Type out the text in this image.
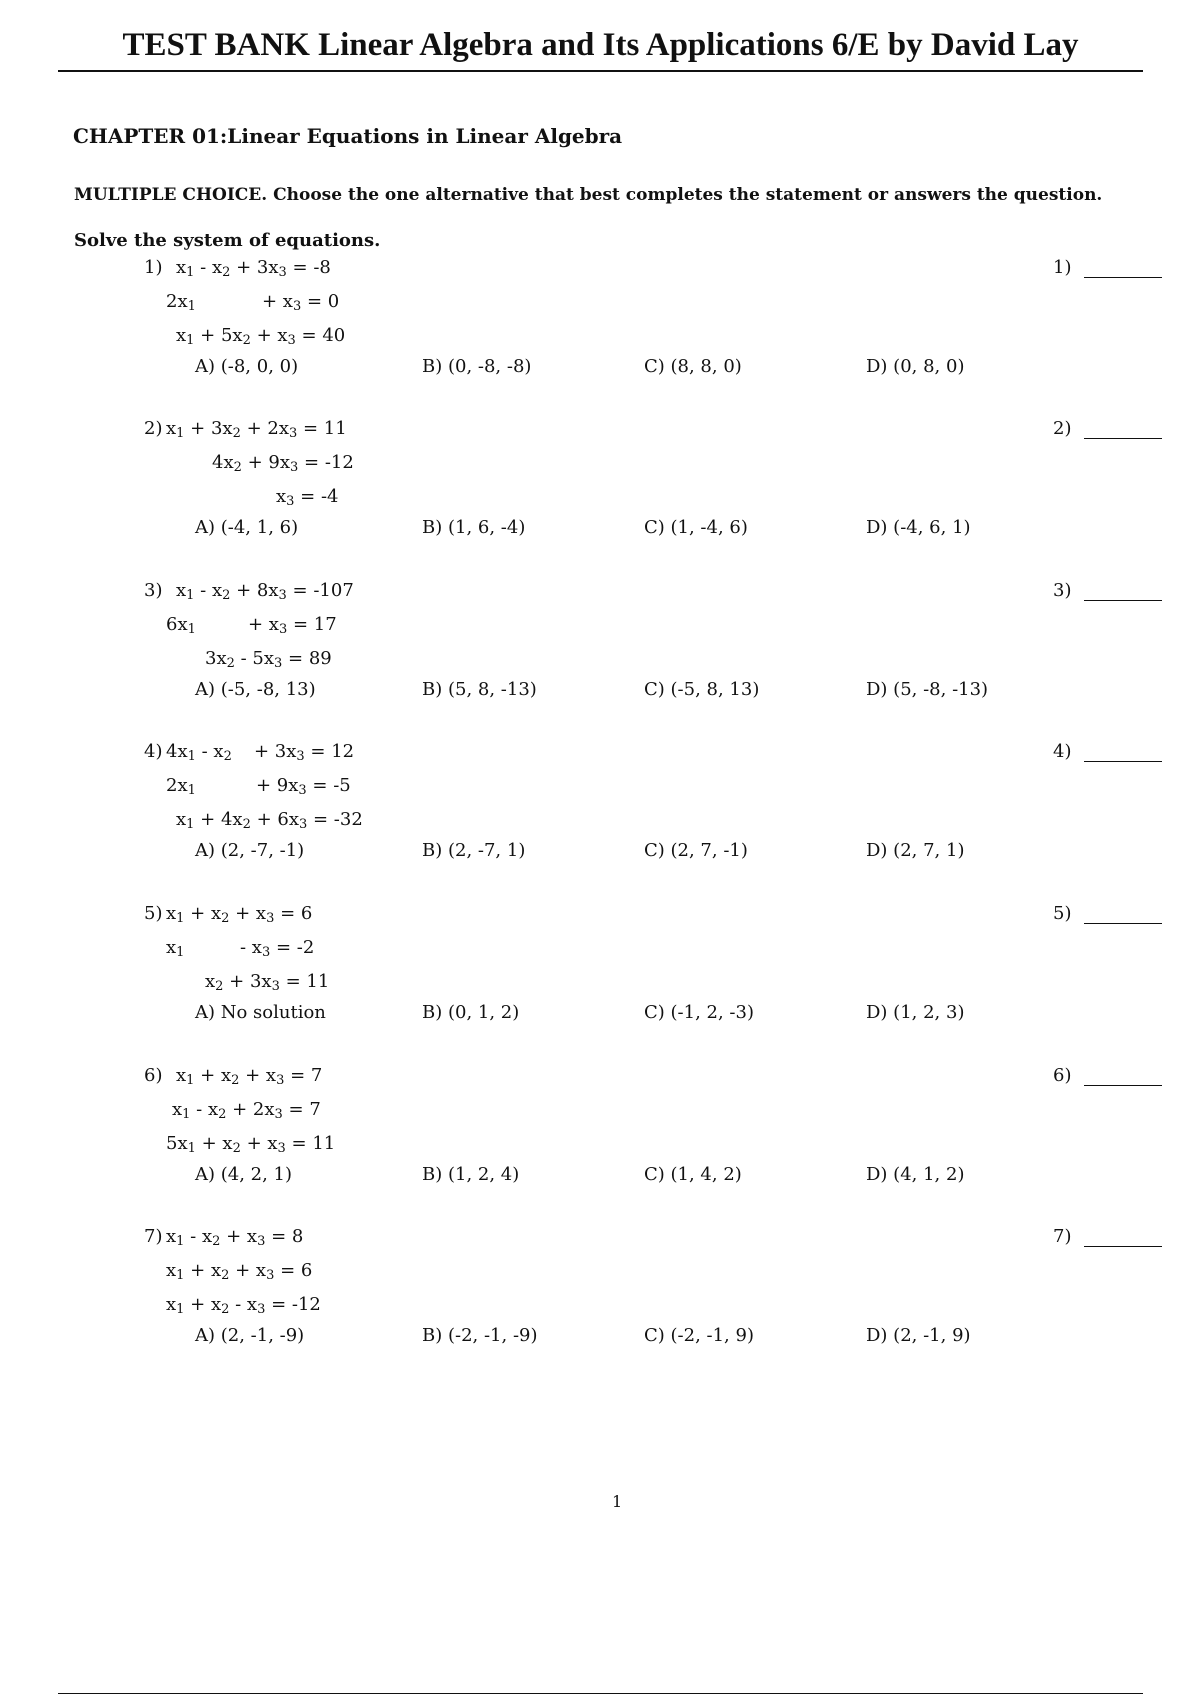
TEST BANK Linear Algebra and Its Applications 6/E by David Lay
CHAPTER 01:Linear Equations in Linear Algebra
MULTIPLE CHOICE. Choose the one alternative that best completes the statement or answers the question.
Solve the system of equations.
1) $x_1 - x_2 + 3x_3 = -8$
$2x_1$	+ $x_3 = 0$
$x_1 + 5x_2 + x_3 = 40$
A) (-8, 0, 0)	B) (0, -8, -8)	C) (8, 8, 0)	D) (0, 8, 0)
1)
2) $x_1 + 3x_2 + 2x_3 = 11$
$4x_2 + 9x_3 = -12$
$x_3 = -4$
A) (-4, 1, 6)	B) (1, 6, -4)	C) (1, -4, 6)	D) (-4, 6, 1)
2)
3) $x_1 - x_2 + 8x_3 = -107$
$6x_1$	+ $x_3 = 17$
$3x_2 - 5x_3 = 89$
A) (-5, -8, 13)	B) (5, 8, -13)	C) (-5, 8, 13)	D) (5, -8, -13)
3)
4) $4x_1 - x_2 + 3x_3 = 12$
$2x_1$	+ $9x_3 = -5$
$x_1 + 4x_2 + 6x_3 = -32$
A) (2, -7, -1)	B) (2, -7, 1)	C) (2, 7, -1)	D) (2, 7, 1)
4)
5) $x_1 + x_2 + x_3 = 6$
$x_1$	- $x_3 = -2$
$x_2 + 3x_3 = 11$
A) No solution	B) (0, 1, 2)	C) (-1, 2, -3)	D) (1, 2, 3)
5)
6) $x_1 + x_2 + x_3 = 7$
$x_1 - x_2 + 2x_3 = 7$
$5x_1 + x_2 + x_3 = 11$
A) (4, 2, 1)	B) (1, 2, 4)	C) (1, 4, 2)	D) (4, 1, 2)
6)
7) $x_1 - x_2 + x_3 = 8$
$x_1 + x_2 + x_3 = 6$
$x_1 + x_2 - x_3 = -12$
A) (2, -1, -9)	B) (-2, -1, -9)	C) (-2, -1, 9)	D) (2, -1, 9)
7)
1
